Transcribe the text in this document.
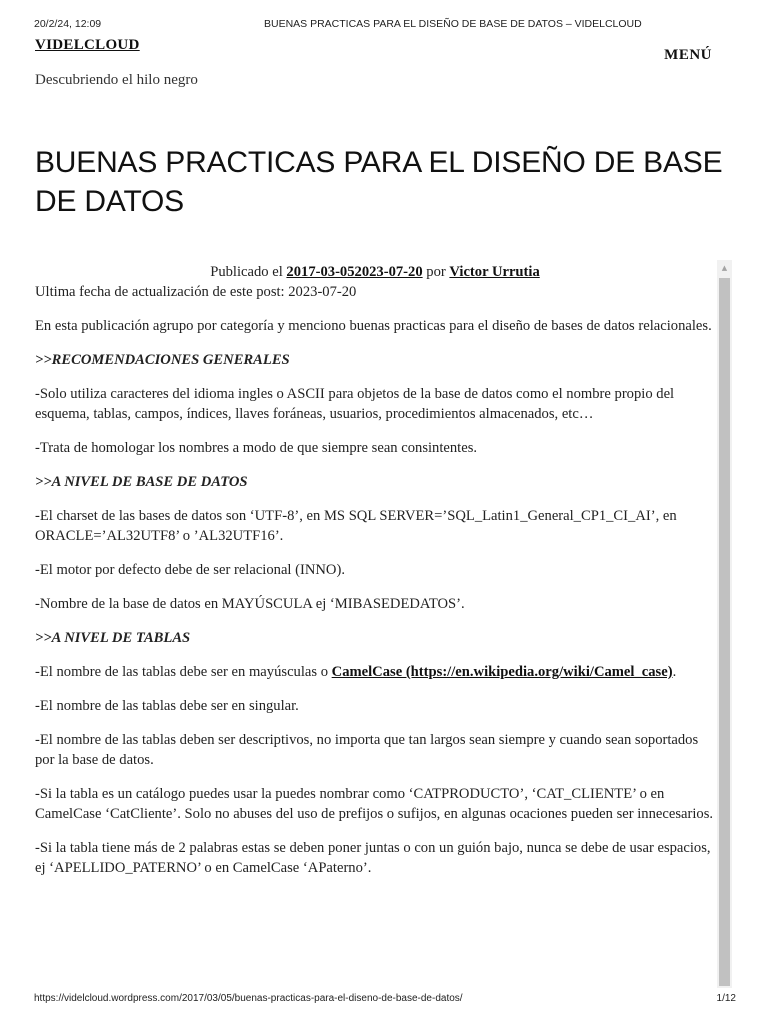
20/2/24, 12:09	BUENAS PRACTICAS PARA EL DISEÑO DE BASE DE DATOS – VIDELCLOUD
VIDELCLOUD
MENÚ
Descubriendo el hilo negro
BUENAS PRACTICAS PARA EL DISEÑO DE BASE DE DATOS
Publicado el 2017-03-052023-07-20 por Victor Urrutia

Ultima fecha de actualización de este post: 2023-07-20

En esta publicación agrupo por categoría y menciono buenas practicas para el diseño de bases de datos relacionales.

>>RECOMENDACIONES GENERALES

-Solo utiliza caracteres del idioma ingles o ASCII para objetos de la base de datos como el nombre propio del esquema, tablas, campos, índices, llaves foráneas, usuarios, procedimientos almacenados, etc…

-Trata de homologar los nombres a modo de que siempre sean consintentes.

>>A NIVEL DE BASE DE DATOS

-El charset de las bases de datos son ‘UTF-8’, en MS SQL SERVER=’SQL_Latin1_General_CP1_CI_AI’, en ORACLE=’AL32UTF8’ o ’AL32UTF16’.

-El motor por defecto debe de ser relacional (INNO).

-Nombre de la base de datos en MAYÚSCULA ej ‘MIBASEDEDATOS’.

>>A NIVEL DE TABLAS

-El nombre de las tablas debe ser en mayúsculas o CamelCase (https://en.wikipedia.org/wiki/Camel_case).

-El nombre de las tablas debe ser en singular.

-El nombre de las tablas deben ser descriptivos, no importa que tan largos sean siempre y cuando sean soportados por la base de datos.

-Si la tabla es un catálogo puedes usar la puedes nombrar como ‘CATPRODUCTO’, ‘CAT_CLIENTE’ o en CamelCase ‘CatCliente’. Solo no abuses del uso de prefijos o sufijos, en algunas ocaciones pueden ser innecesarios.

-Si la tabla tiene más de 2 palabras estas se deben poner juntas o con un guión bajo, nunca se debe de usar espacios, ej ‘APELLIDO_PATERNO’ o en CamelCase ‘APaterno’.

▲
https://videlcloud.wordpress.com/2017/03/05/buenas-practicas-para-el-diseno-de-base-de-datos/	1/12
